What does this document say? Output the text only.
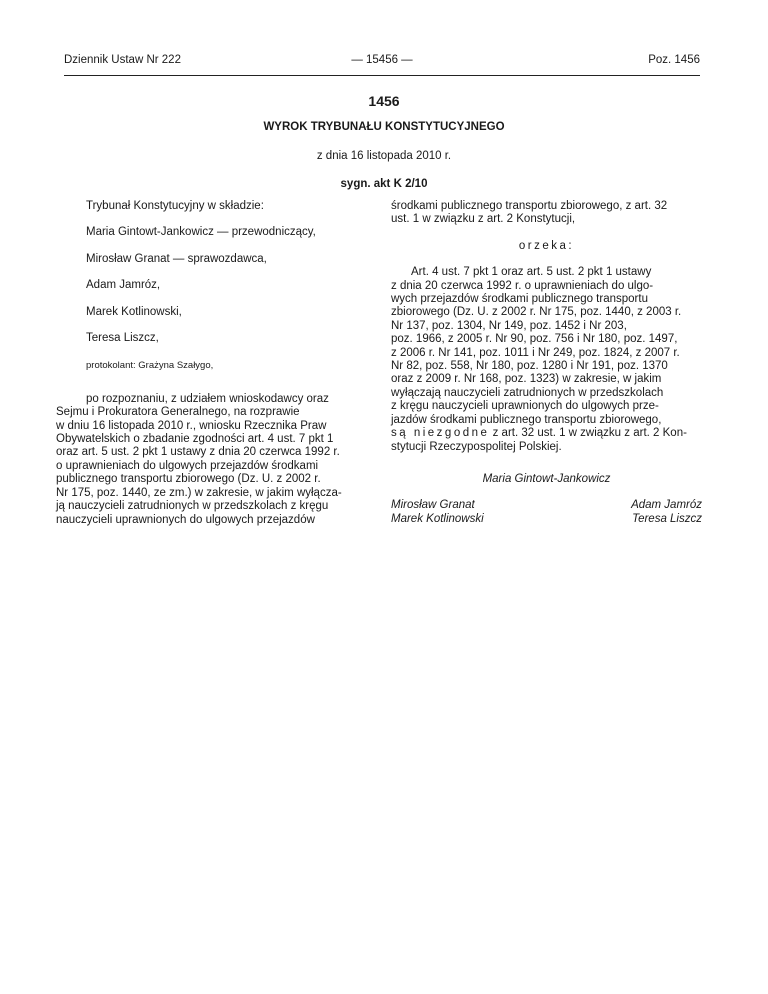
Dziennik Ustaw Nr 222	— 15456 —	Poz. 1456
1456
WYROK TRYBUNAŁU KONSTYTUCYJNEGO
z dnia 16 listopada 2010 r.
sygn. akt K 2/10

Trybunał Konstytucyjny w składzie:

Maria Gintowt-Jankowicz — przewodniczący,

Mirosław Granat — sprawozdawca,

Adam Jamróz,

Marek Kotlinowski,

Teresa Liszcz,

protokolant: Grażyna Szałygo,

po rozpoznaniu, z udziałem wnioskodawcy oraz
Sejmu i Prokuratora Generalnego, na rozprawie
w dniu 16 listopada 2010 r., wniosku Rzecznika Praw
Obywatelskich o zbadanie zgodności art. 4 ust. 7 pkt 1
oraz art. 5 ust. 2 pkt 1 ustawy z dnia 20 czerwca 1992 r.
o uprawnieniach do ulgowych przejazdów środkami
publicznego transportu zbiorowego (Dz. U. z 2002 r.
Nr 175, poz. 1440, ze zm.) w zakresie, w jakim wyłącza-
ją nauczycieli zatrudnionych w przedszkolach z kręgu
nauczycieli uprawnionych do ulgowych przejazdów
środkami publicznego transportu zbiorowego, z art. 32
ust. 1 w związku z art. 2 Konstytucji,
orzeka:
Art. 4 ust. 7 pkt 1 oraz art. 5 ust. 2 pkt 1 ustawy
z dnia 20 czerwca 1992 r. o uprawnieniach do ulgo-
wych przejazdów środkami publicznego transportu
zbiorowego (Dz. U. z 2002 r. Nr 175, poz. 1440, z 2003 r.
Nr 137, poz. 1304, Nr 149, poz. 1452 i Nr 203,
poz. 1966, z 2005 r. Nr 90, poz. 756 i Nr 180, poz. 1497,
z 2006 r. Nr 141, poz. 1011 i Nr 249, poz. 1824, z 2007 r.
Nr 82, poz. 558, Nr 180, poz. 1280 i Nr 191, poz. 1370
oraz z 2009 r. Nr 168, poz. 1323) w zakresie, w jakim
wyłączają nauczycieli zatrudnionych w przedszkolach
z kręgu nauczycieli uprawnionych do ulgowych prze-
jazdów środkami publicznego transportu zbiorowego,
są niezgodne z art. 32 ust. 1 w związku z art. 2 Kon-
stytucji Rzeczypospolitej Polskiej.
Maria Gintowt-Jankowicz
Mirosław Granat
Marek Kotlinowski
Adam Jamróz
Teresa Liszcz
